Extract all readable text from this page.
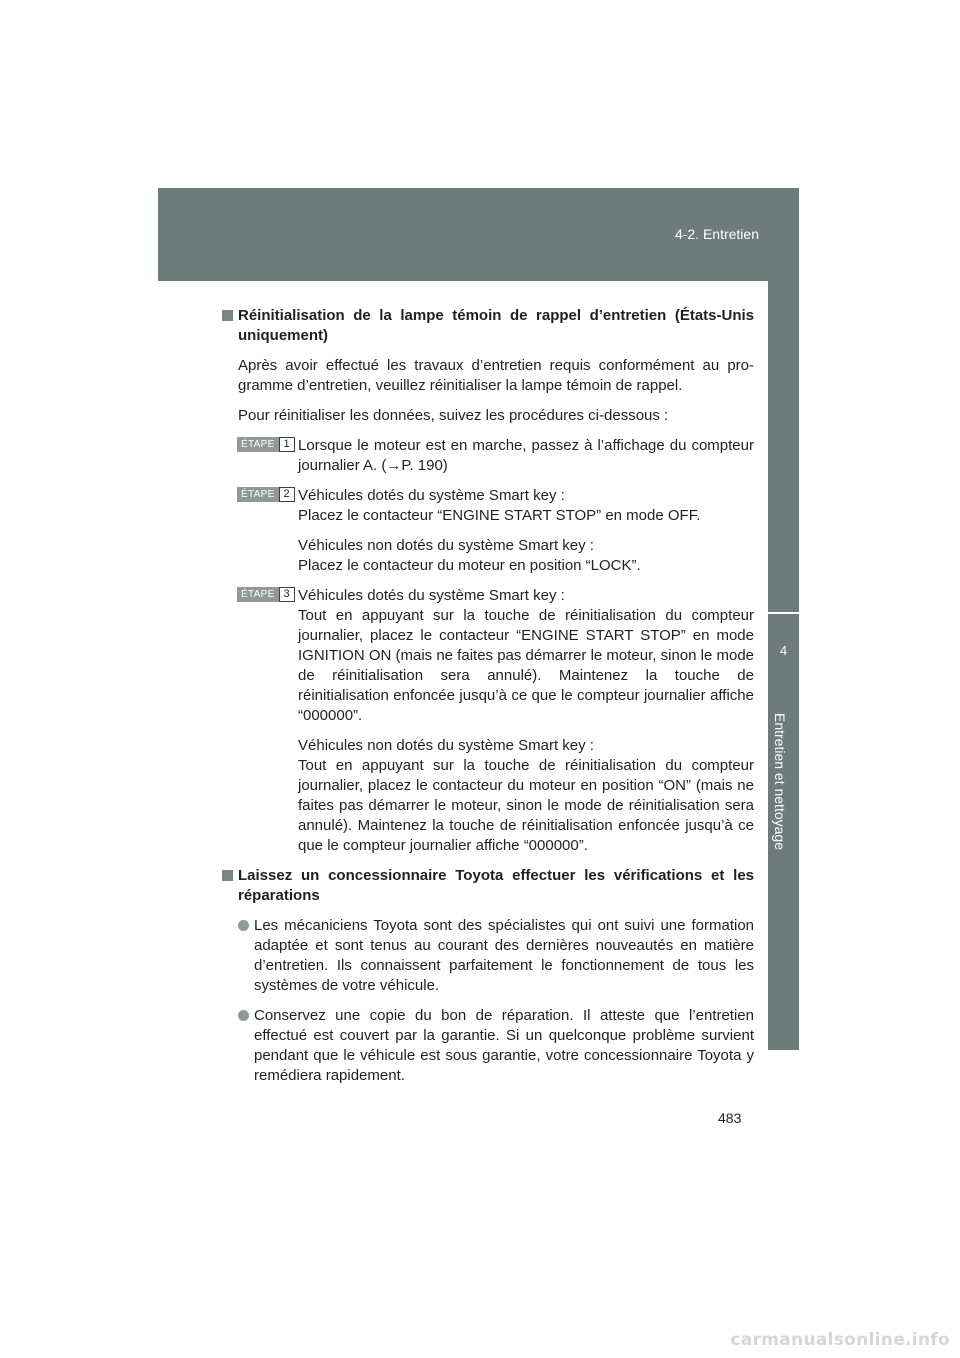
4-2. Entretien
4
Entretien et nettoyage
Réinitialisation de la lampe témoin de rappel d’entretien (États-Unis uniquement)

Après avoir effectué les travaux d’entretien requis conformément au pro-gramme d’entretien, veuillez réinitialiser la lampe témoin de rappel.

Pour réinitialiser les données, suivez les procédures ci-dessous :

ÉTAPE 1 Lorsque le moteur est en marche, passez à l’affichage du compteur journalier A. (→P. 190)

ÉTAPE 2 Véhicules dotés du système Smart key :
Placez le contacteur “ENGINE START STOP” en mode OFF.

Véhicules non dotés du système Smart key :
Placez le contacteur du moteur en position “LOCK”.

ÉTAPE 3 Véhicules dotés du système Smart key :
Tout en appuyant sur la touche de réinitialisation du compteur journalier, placez le contacteur “ENGINE START STOP” en mode IGNITION ON (mais ne faites pas démarrer le moteur, sinon le mode de réinitialisation sera annulé). Maintenez la touche de réinitialisation enfoncée jusqu’à ce que le compteur journalier affiche “000000”.

Véhicules non dotés du système Smart key :
Tout en appuyant sur la touche de réinitialisation du compteur journalier, placez le contacteur du moteur en position “ON” (mais ne faites pas démarrer le moteur, sinon le mode de réinitialisation sera annulé). Maintenez la touche de réinitialisation enfoncée jusqu’à ce que le compteur journalier affiche “000000”.

Laissez un concessionnaire Toyota effectuer les vérifications et les réparations
Les mécaniciens Toyota sont des spécialistes qui ont suivi une formation adaptée et sont tenus au courant des dernières nouveautés en matière d’entretien. Ils connaissent parfaitement le fonctionnement de tous les systèmes de votre véhicule.
Conservez une copie du bon de réparation. Il atteste que l’entretien effectué est couvert par la garantie. Si un quelconque problème survient pendant que le véhicule est sous garantie, votre concessionnaire Toyota y remédiera rapidement.
483
carmanualsonline.info
